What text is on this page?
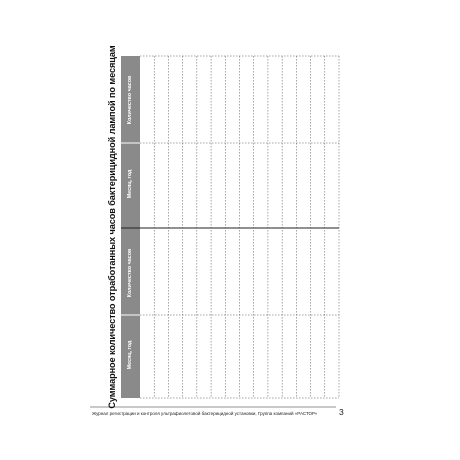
Суммарное количество отработанных часов бактерицидной лампой по месяцам Месяц, год
Количество часов
Месяц, год
Количество часов
Журнал регистрации и контроля ультрафиолетовой бактерицидной установки, Группа компаний «РАСТОР»	3
